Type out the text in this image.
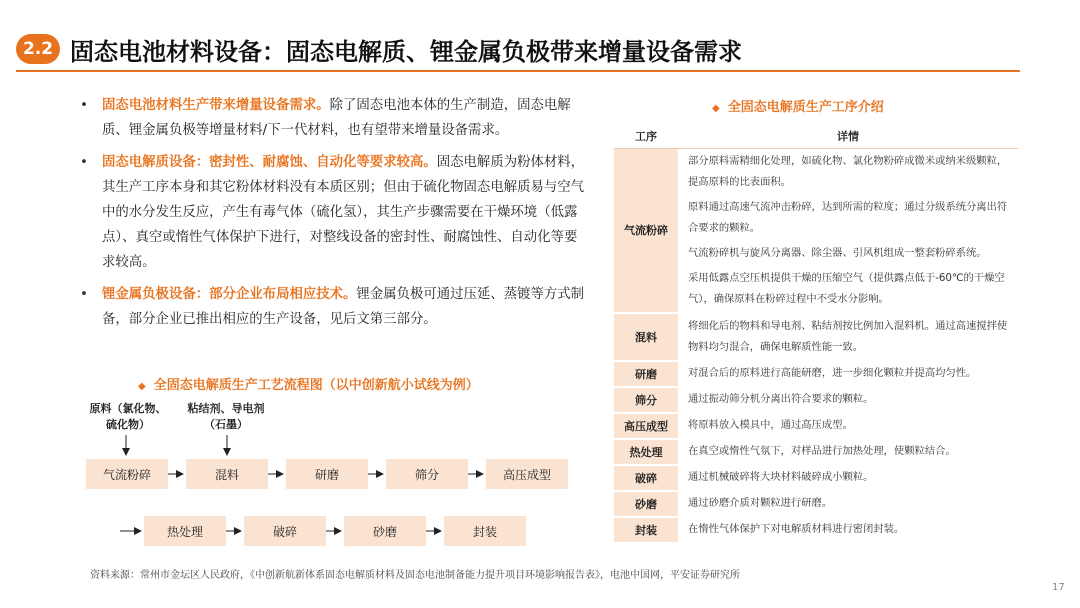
2.2 固态电池材料设备：固态电解质、锂金属负极带来增量设备需求
• 固态电池材料生产带来增量设备需求。除了固态电池本体的生产制造，固态电解质、锂金属负极等增量材料/下一代材料，也有望带来增量设备需求。
• 固态电解质设备：密封性、耐腐蚀、自动化等要求较高。固态电解质为粉体材料，其生产工序本身和其它粉体材料没有本质区别；但由于硫化物固态电解质易与空气中的水分发生反应，产生有毒气体（硫化氢），其生产步骤需要在干燥环境（低露点）、真空或惰性气体保护下进行，对整线设备的密封性、耐腐蚀性、自动化等要求较高。
• 锂金属负极设备：部分企业布局相应技术。锂金属负极可通过压延、蒸镀等方式制备，部分企业已推出相应的生产设备，见后文第三部分。
◆ 全固态电解质生产工艺流程图（以中创新航小试线为例）
原料（氯化物、硫化物）
粘结剂、导电剂（石墨）
气流粉碎	混料	研磨	筛分	高压成型
热处理	破碎	砂磨	封装
◆ 全固态电解质生产工序介绍
工序	详情
气流粉碎	部分原料需精细化处理，如硫化物、氯化物粉碎成微米或纳米级颗粒，提高原料的比表面积。

原料通过高速气流冲击粉碎，达到所需的粒度；通过分级系统分离出符合要求的颗粒。

气流粉碎机与旋风分离器、除尘器、引风机组成一整套粉碎系统。

采用低露点空压机提供干燥的压缩空气（提供露点低于-60℃的干燥空气），确保原料在粉碎过程中不受水分影响。

混料	将细化后的物料和导电剂、粘结剂按比例加入混料机。通过高速搅拌使物料均匀混合，确保电解质性能一致。
研磨	对混合后的原料进行高能研磨，进一步细化颗粒并提高均匀性。
筛分	通过振动筛分机分离出符合要求的颗粒。
高压成型	将原料放入模具中，通过高压成型。
热处理	在真空或惰性气氛下，对样品进行加热处理，使颗粒结合。
破碎	通过机械破碎将大块材料破碎成小颗粒。
砂磨	通过砂磨介质对颗粒进行研磨。
封装	在惰性气体保护下对电解质材料进行密闭封装。
资料来源：常州市金坛区人民政府，《中创新航新体系固态电解质材料及固态电池制备能力提升项目环境影响报告表》，电池中国网，平安证券研究所
17
